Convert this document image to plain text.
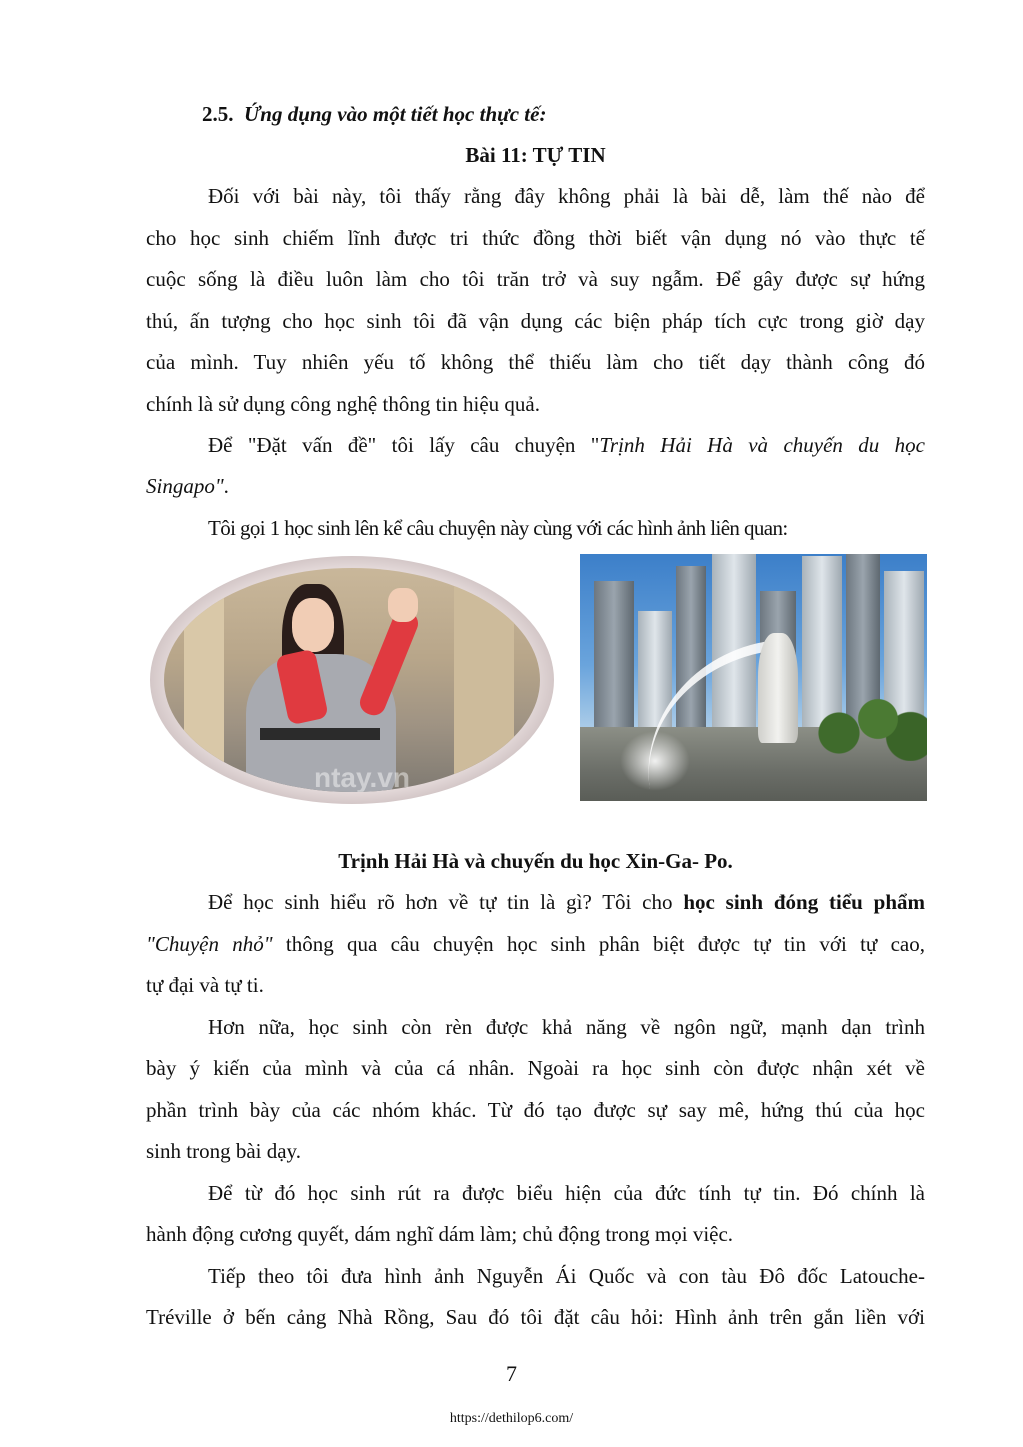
2.5. Ứng dụng vào một tiết học thực tế:
Bài 11: TỰ TIN
Đối với bài này, tôi thấy rằng đây không phải là bài dễ, làm thế nào để
cho học sinh chiếm lĩnh được tri thức đồng thời biết vận dụng nó vào thực tế
cuộc sống là điều luôn làm cho tôi trăn trở và suy ngẫm. Để gây được sự hứng
thú, ấn tượng cho học sinh tôi đã vận dụng các biện pháp tích cực trong giờ dạy
của mình. Tuy nhiên yếu tố không thể thiếu làm cho tiết dạy thành công đó
chính là sử dụng công nghệ thông tin hiệu quả.
Để "Đặt vấn đề" tôi lấy câu chuyện "Trịnh Hải Hà và chuyến du học
Singapo".
Tôi gọi 1 học sinh lên kể câu chuyện này cùng với các hình ảnh liên quan:
ntay.vn
Trịnh Hải Hà và chuyến du học Xin-Ga- Po.
Để học sinh hiểu rõ hơn về tự tin là gì? Tôi cho học sinh đóng tiểu phẩm
"Chuyện nhỏ" thông qua câu chuyện học sinh phân biệt được tự tin với tự cao,
tự đại và tự ti.
Hơn nữa, học sinh còn rèn được khả năng về ngôn ngữ, mạnh dạn trình
bày ý kiến của mình và của cá nhân. Ngoài ra học sinh còn được nhận xét về
phần trình bày của các nhóm khác. Từ đó tạo được sự say mê, hứng thú của học
sinh trong bài dạy.
Để từ đó học sinh rút ra được biểu hiện của đức tính tự tin. Đó chính là
hành động cương quyết, dám nghĩ dám làm; chủ động trong mọi việc.
Tiếp theo tôi đưa hình ảnh Nguyễn Ái Quốc và con tàu Đô đốc Latouche-
Tréville ở bến cảng Nhà Rồng, Sau đó tôi đặt câu hỏi: Hình ảnh trên gắn liền với
7
https://dethilop6.com/
